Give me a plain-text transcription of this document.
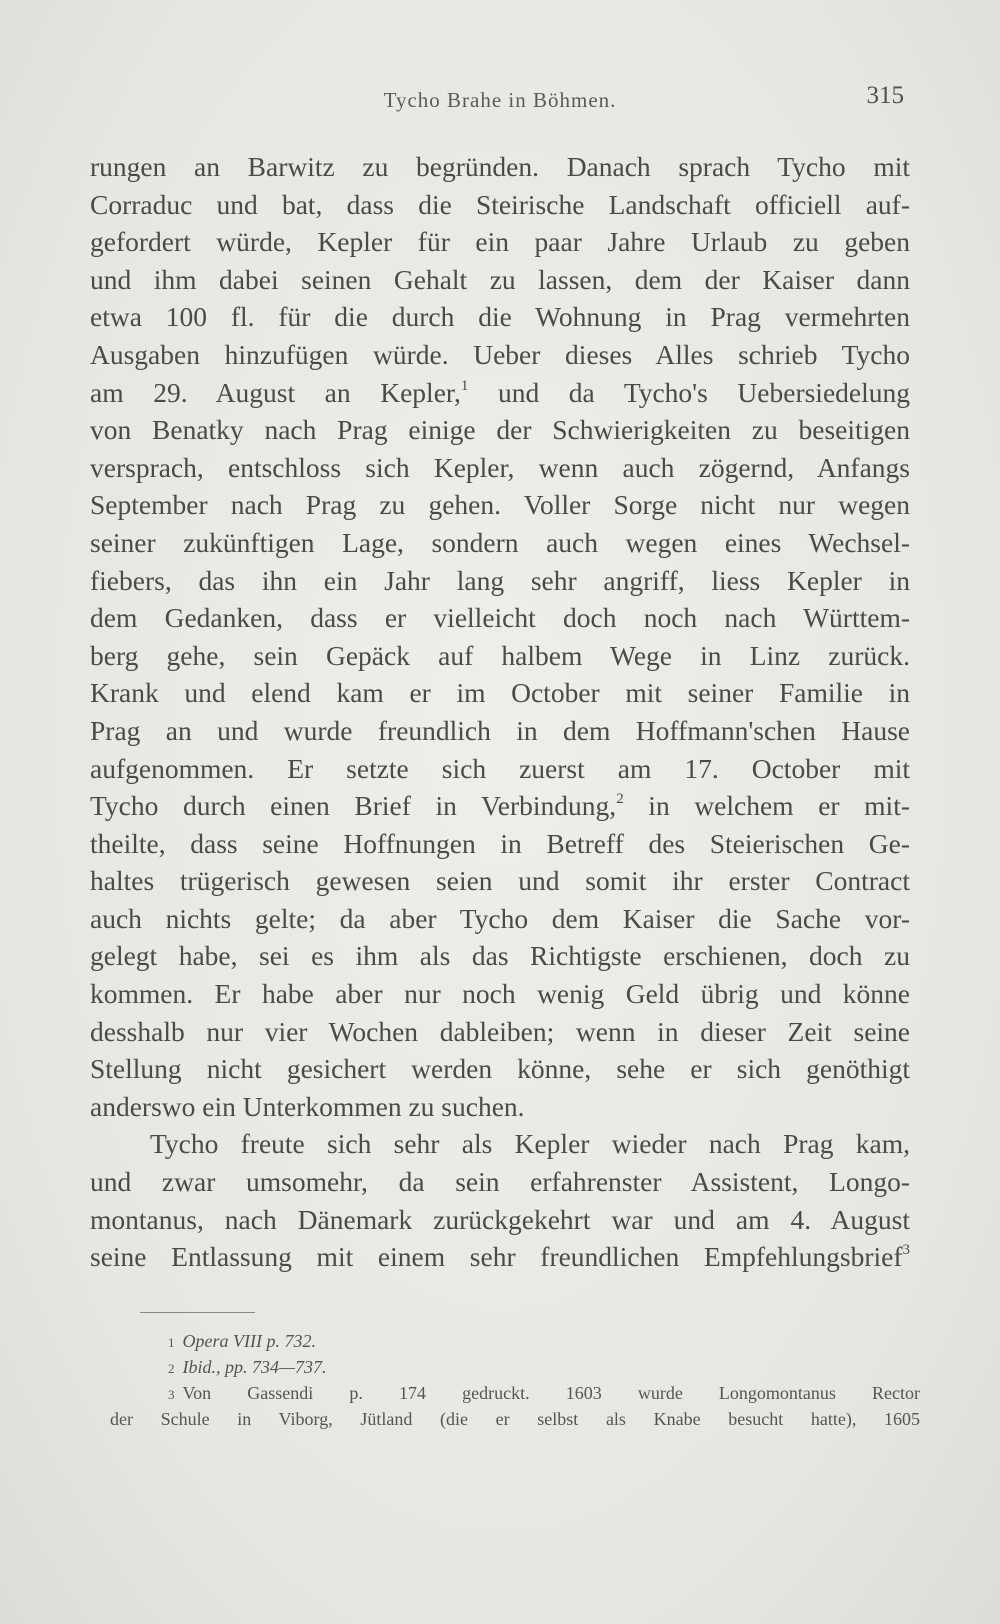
Tycho Brahe in Böhmen.	315
rungen an Barwitz zu begründen. Danach sprach Tycho mit
Corraduc und bat, dass die Steirische Landschaft officiell auf-
gefordert würde, Kepler für ein paar Jahre Urlaub zu geben
und ihm dabei seinen Gehalt zu lassen, dem der Kaiser dann
etwa 100 fl. für die durch die Wohnung in Prag vermehrten
Ausgaben hinzufügen würde. Ueber dieses Alles schrieb Tycho
am 29. August an Kepler,$^1$ und da Tycho's Uebersiedelung
von Benatky nach Prag einige der Schwierigkeiten zu beseitigen
versprach, entschloss sich Kepler, wenn auch zögernd, Anfangs
September nach Prag zu gehen. Voller Sorge nicht nur wegen
seiner zukünftigen Lage, sondern auch wegen eines Wechsel-
fiebers, das ihn ein Jahr lang sehr angriff, liess Kepler in
dem Gedanken, dass er vielleicht doch noch nach Württem-
berg gehe, sein Gepäck auf halbem Wege in Linz zurück.
Krank und elend kam er im October mit seiner Familie in
Prag an und wurde freundlich in dem Hoffmann'schen Hause
aufgenommen. Er setzte sich zuerst am 17. October mit
Tycho durch einen Brief in Verbindung,$^2$ in welchem er mit-
theilte, dass seine Hoffnungen in Betreff des Steierischen Ge-
haltes trügerisch gewesen seien und somit ihr erster Contract
auch nichts gelte; da aber Tycho dem Kaiser die Sache vor-
gelegt habe, sei es ihm als das Richtigste erschienen, doch zu
kommen. Er habe aber nur noch wenig Geld übrig und könne
desshalb nur vier Wochen dableiben; wenn in dieser Zeit seine
Stellung nicht gesichert werden könne, sehe er sich genöthigt
anderswo ein Unterkommen zu suchen.
Tycho freute sich sehr als Kepler wieder nach Prag kam,
und zwar umsomehr, da sein erfahrenster Assistent, Longo-
montanus, nach Dänemark zurückgekehrt war und am 4. August
seine Entlassung mit einem sehr freundlichen Empfehlungsbrief$^3$
1 Opera VIII p. 732.
2 Ibid., pp. 734—737.
3 Von Gassendi p. 174 gedruckt. 1603 wurde Longomontanus Rector
der Schule in Viborg, Jütland (die er selbst als Knabe besucht hatte), 1605
